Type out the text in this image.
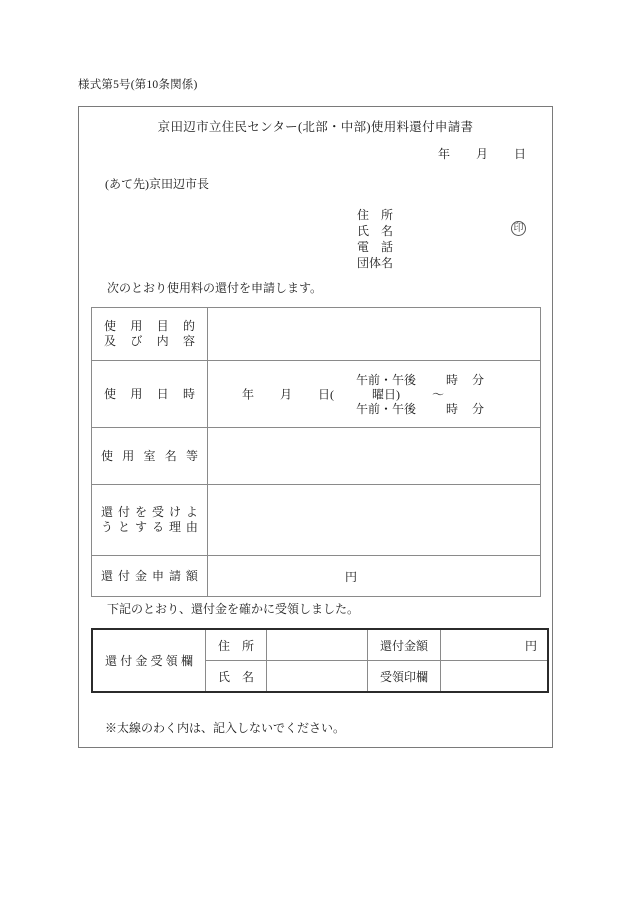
様式第5号(第10条関係)
京田辺市立住民センター(北部・中部)使用料還付申請書
年 月 日
(あて先)京田辺市長
住　所
氏　名
電　話
団体名
印
次のとおり使用料の還付を申請します。
使 用 目 的
及 び 内 容

使 用 日 時	年 月 日(	曜日)
午前・午後	時 分
〜
午前・午後	時 分

使 用 室 名 等	

還 付 を 受 け よ
う と す る 理 由

還 付 金 申 請 額	円
下記のとおり、還付金を確かに受領しました。
還 付 金 受 領 欄
	住　所		還付金額	円

	氏　名		受領印欄	
※太線のわく内は、記入しないでください。
